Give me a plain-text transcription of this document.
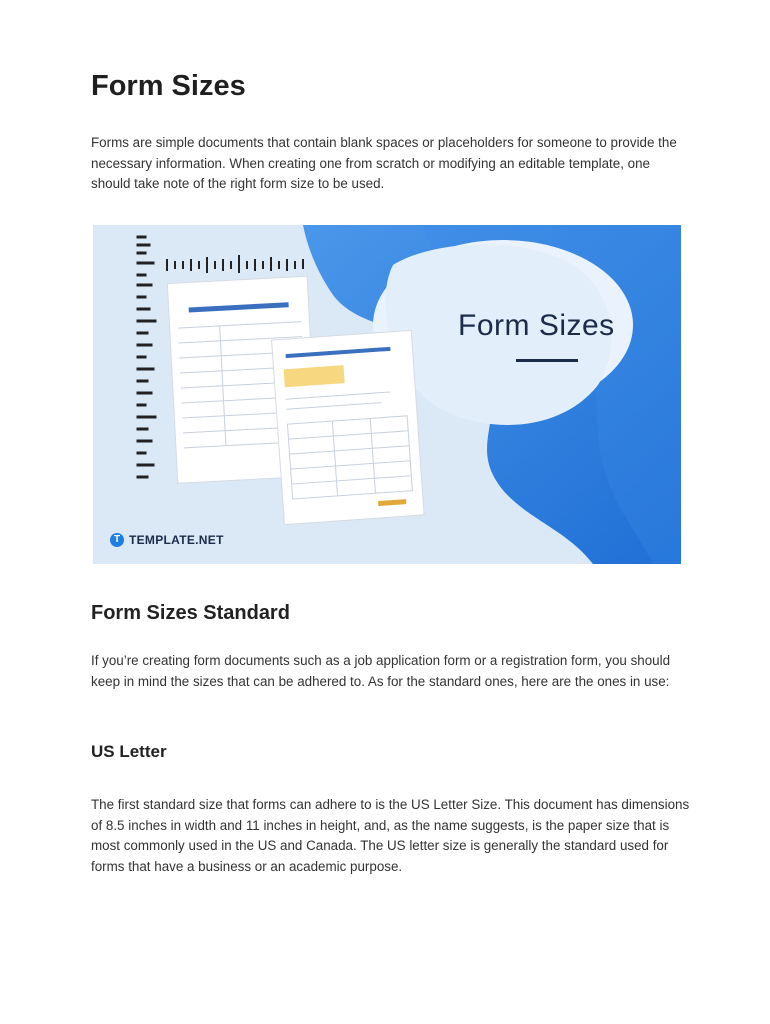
Form Sizes

Forms are simple documents that contain blank spaces or placeholders for someone to provide the necessary information. When creating one from scratch or modifying an editable template, one should take note of the right form size to be used.

Form Sizes
T TEMPLATE.NET
Form Sizes Standard

If you’re creating form documents such as a job application form or a registration form, you should keep in mind the sizes that can be adhered to. As for the standard ones, here are the ones in use:

US Letter

The first standard size that forms can adhere to is the US Letter Size. This document has dimensions of 8.5 inches in width and 11 inches in height, and, as the name suggests, is the paper size that is most commonly used in the US and Canada. The US letter size is generally the standard used for forms that have a business or an academic purpose.
